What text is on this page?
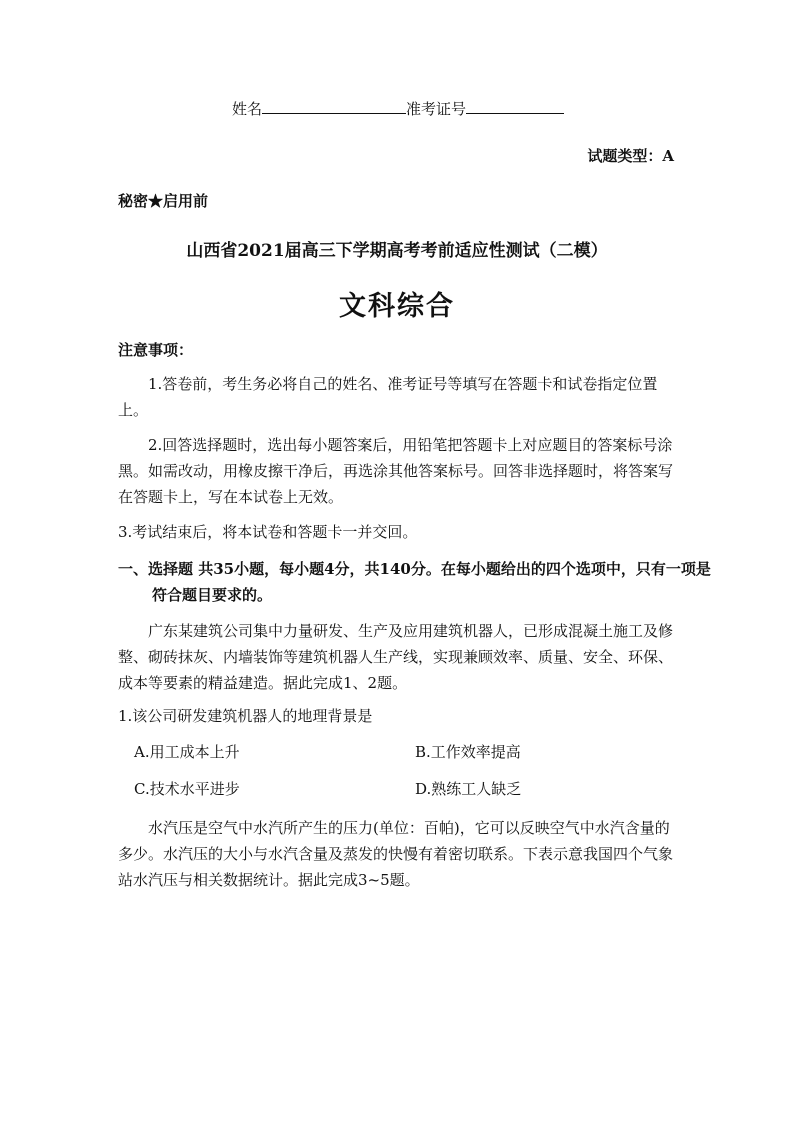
姓名	准考证号
试题类型：A
秘密★启用前
山西省2021届高三下学期高考考前适应性测试（二模）
文科综合
注意事项：
1.答卷前，考生务必将自己的姓名、准考证号等填写在答题卡和试卷指定位置上。
2.回答选择题时，选出每小题答案后，用铅笔把答题卡上对应题目的答案标号涂黑。如需改动，用橡皮擦干净后，再选涂其他答案标号。回答非选择题时，将答案写在答题卡上，写在本试卷上无效。
3.考试结束后，将本试卷和答题卡一并交回。
一、选择题 共35小题，每小题4分，共140分。在每小题给出的四个选项中，只有一项是符合题目要求的。
广东某建筑公司集中力量研发、生产及应用建筑机器人，已形成混凝土施工及修整、砌砖抹灰、内墙装饰等建筑机器人生产线，实现兼顾效率、质量、安全、环保、成本等要素的精益建造。据此完成1、2题。
1.该公司研发建筑机器人的地理背景是
A.用工成本上升	B.工作效率提高
C.技术水平进步	D.熟练工人缺乏
水汽压是空气中水汽所产生的压力(单位：百帕)，它可以反映空气中水汽含量的多少。水汽压的大小与水汽含量及蒸发的快慢有着密切联系。下表示意我国四个气象站水汽压与相关数据统计。据此完成3~5题。
